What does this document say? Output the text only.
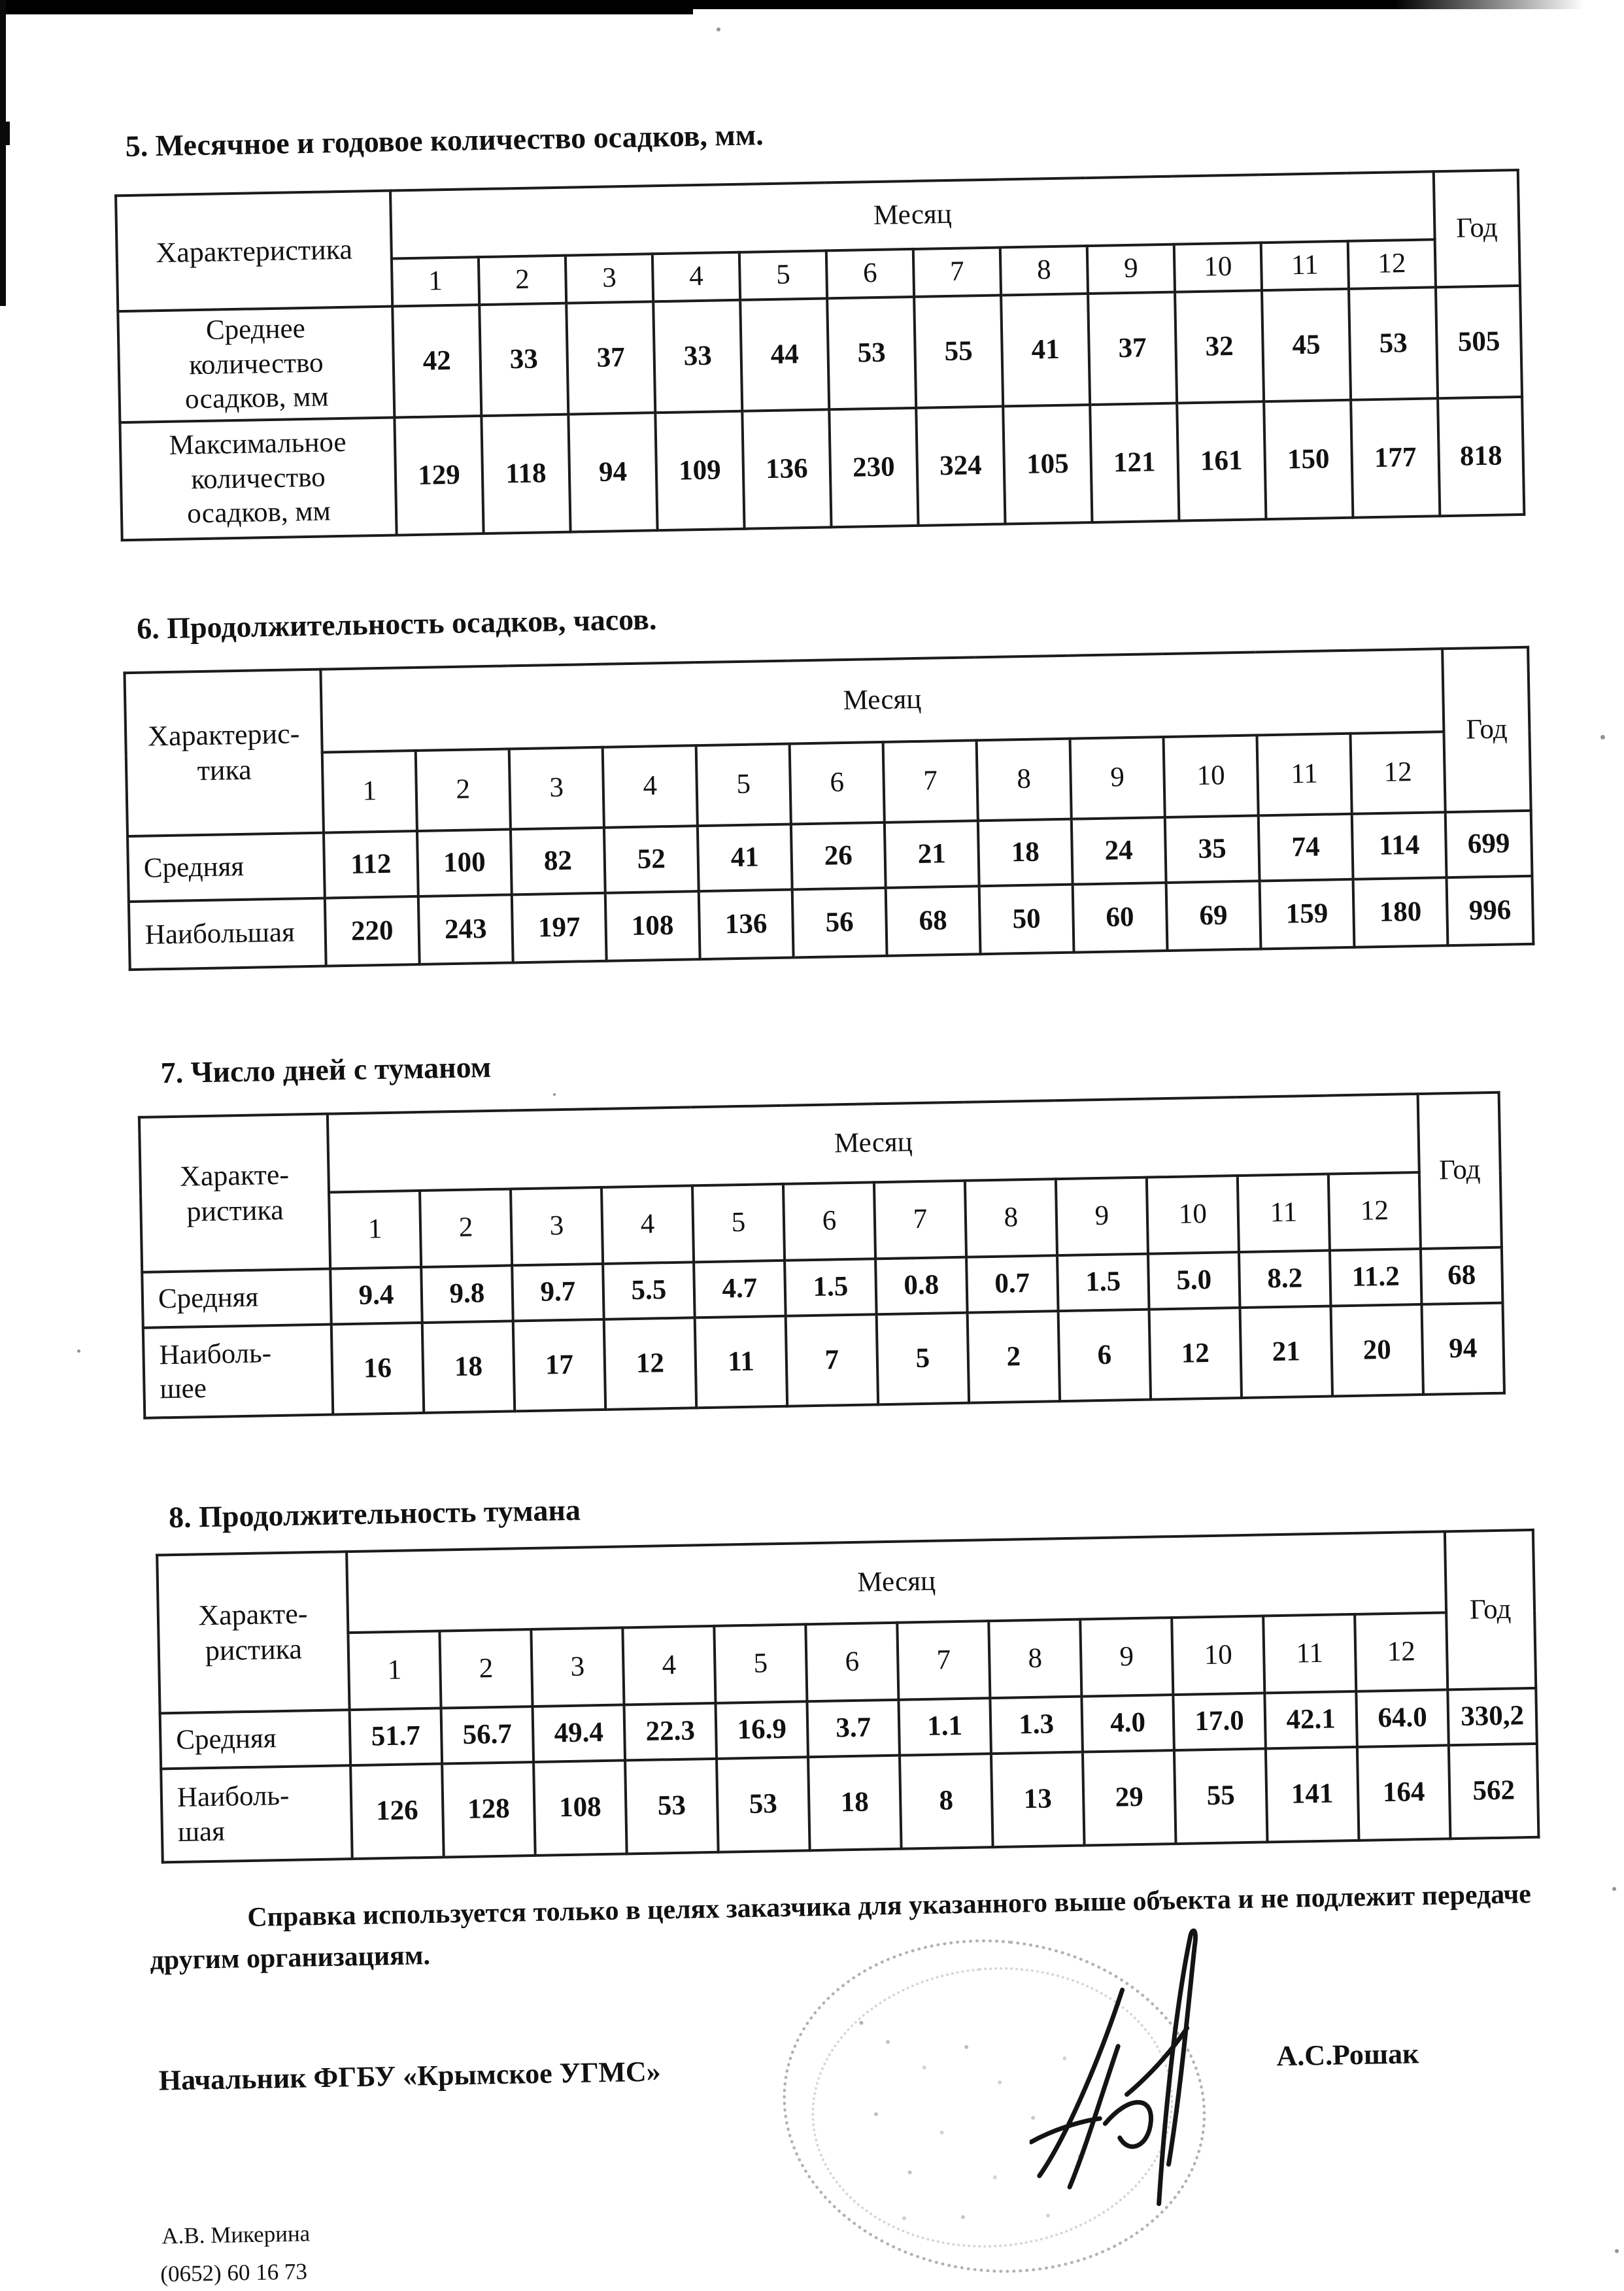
5. Месячное и годовое количество осадков, мм.
Характеристика	Месяц												Год
	1	2	3	4	5	6	7	8	9	10	11	12	
Среднее
количество
осадков, мм	42	33	37	33	44	53	55	41	37	32	45	53	505
Максимальное
количество
осадков, мм	129	118	94	109	136	230	324	105	121	161	150	177	818
6. Продолжительность осадков, часов.
Характерис-
тика	Месяц												Год
	1	2	3	4	5	6	7	8	9	10	11	12	
Средняя	112	100	82	52	41	26	21	18	24	35	74	114	699
Наибольшая	220	243	197	108	136	56	68	50	60	69	159	180	996
7. Число дней с туманом
Характе-
ристика	Месяц												Год
	1	2	3	4	5	6	7	8	9	10	11	12	
Средняя	9.4	9.8	9.7	5.5	4.7	1.5	0.8	0.7	1.5	5.0	8.2	11.2	68
Наиболь-
шее	16	18	17	12	11	7	5	2	6	12	21	20	94
8. Продолжительность тумана
Характе-
ристика	Месяц												Год
	1	2	3	4	5	6	7	8	9	10	11	12	
Средняя	51.7	56.7	49.4	22.3	16.9	3.7	1.1	1.3	4.0	17.0	42.1	64.0	330,2
Наиболь-
шая	126	128	108	53	53	18	8	13	29	55	141	164	562

Справка используется только в целях заказчика для указанного выше объекта и не подлежит передаче другим организациям.

Начальник ФГБУ «Крымское УГМС»
А.С.Рошак
А.В. Микерина
(0652) 60 16 73
